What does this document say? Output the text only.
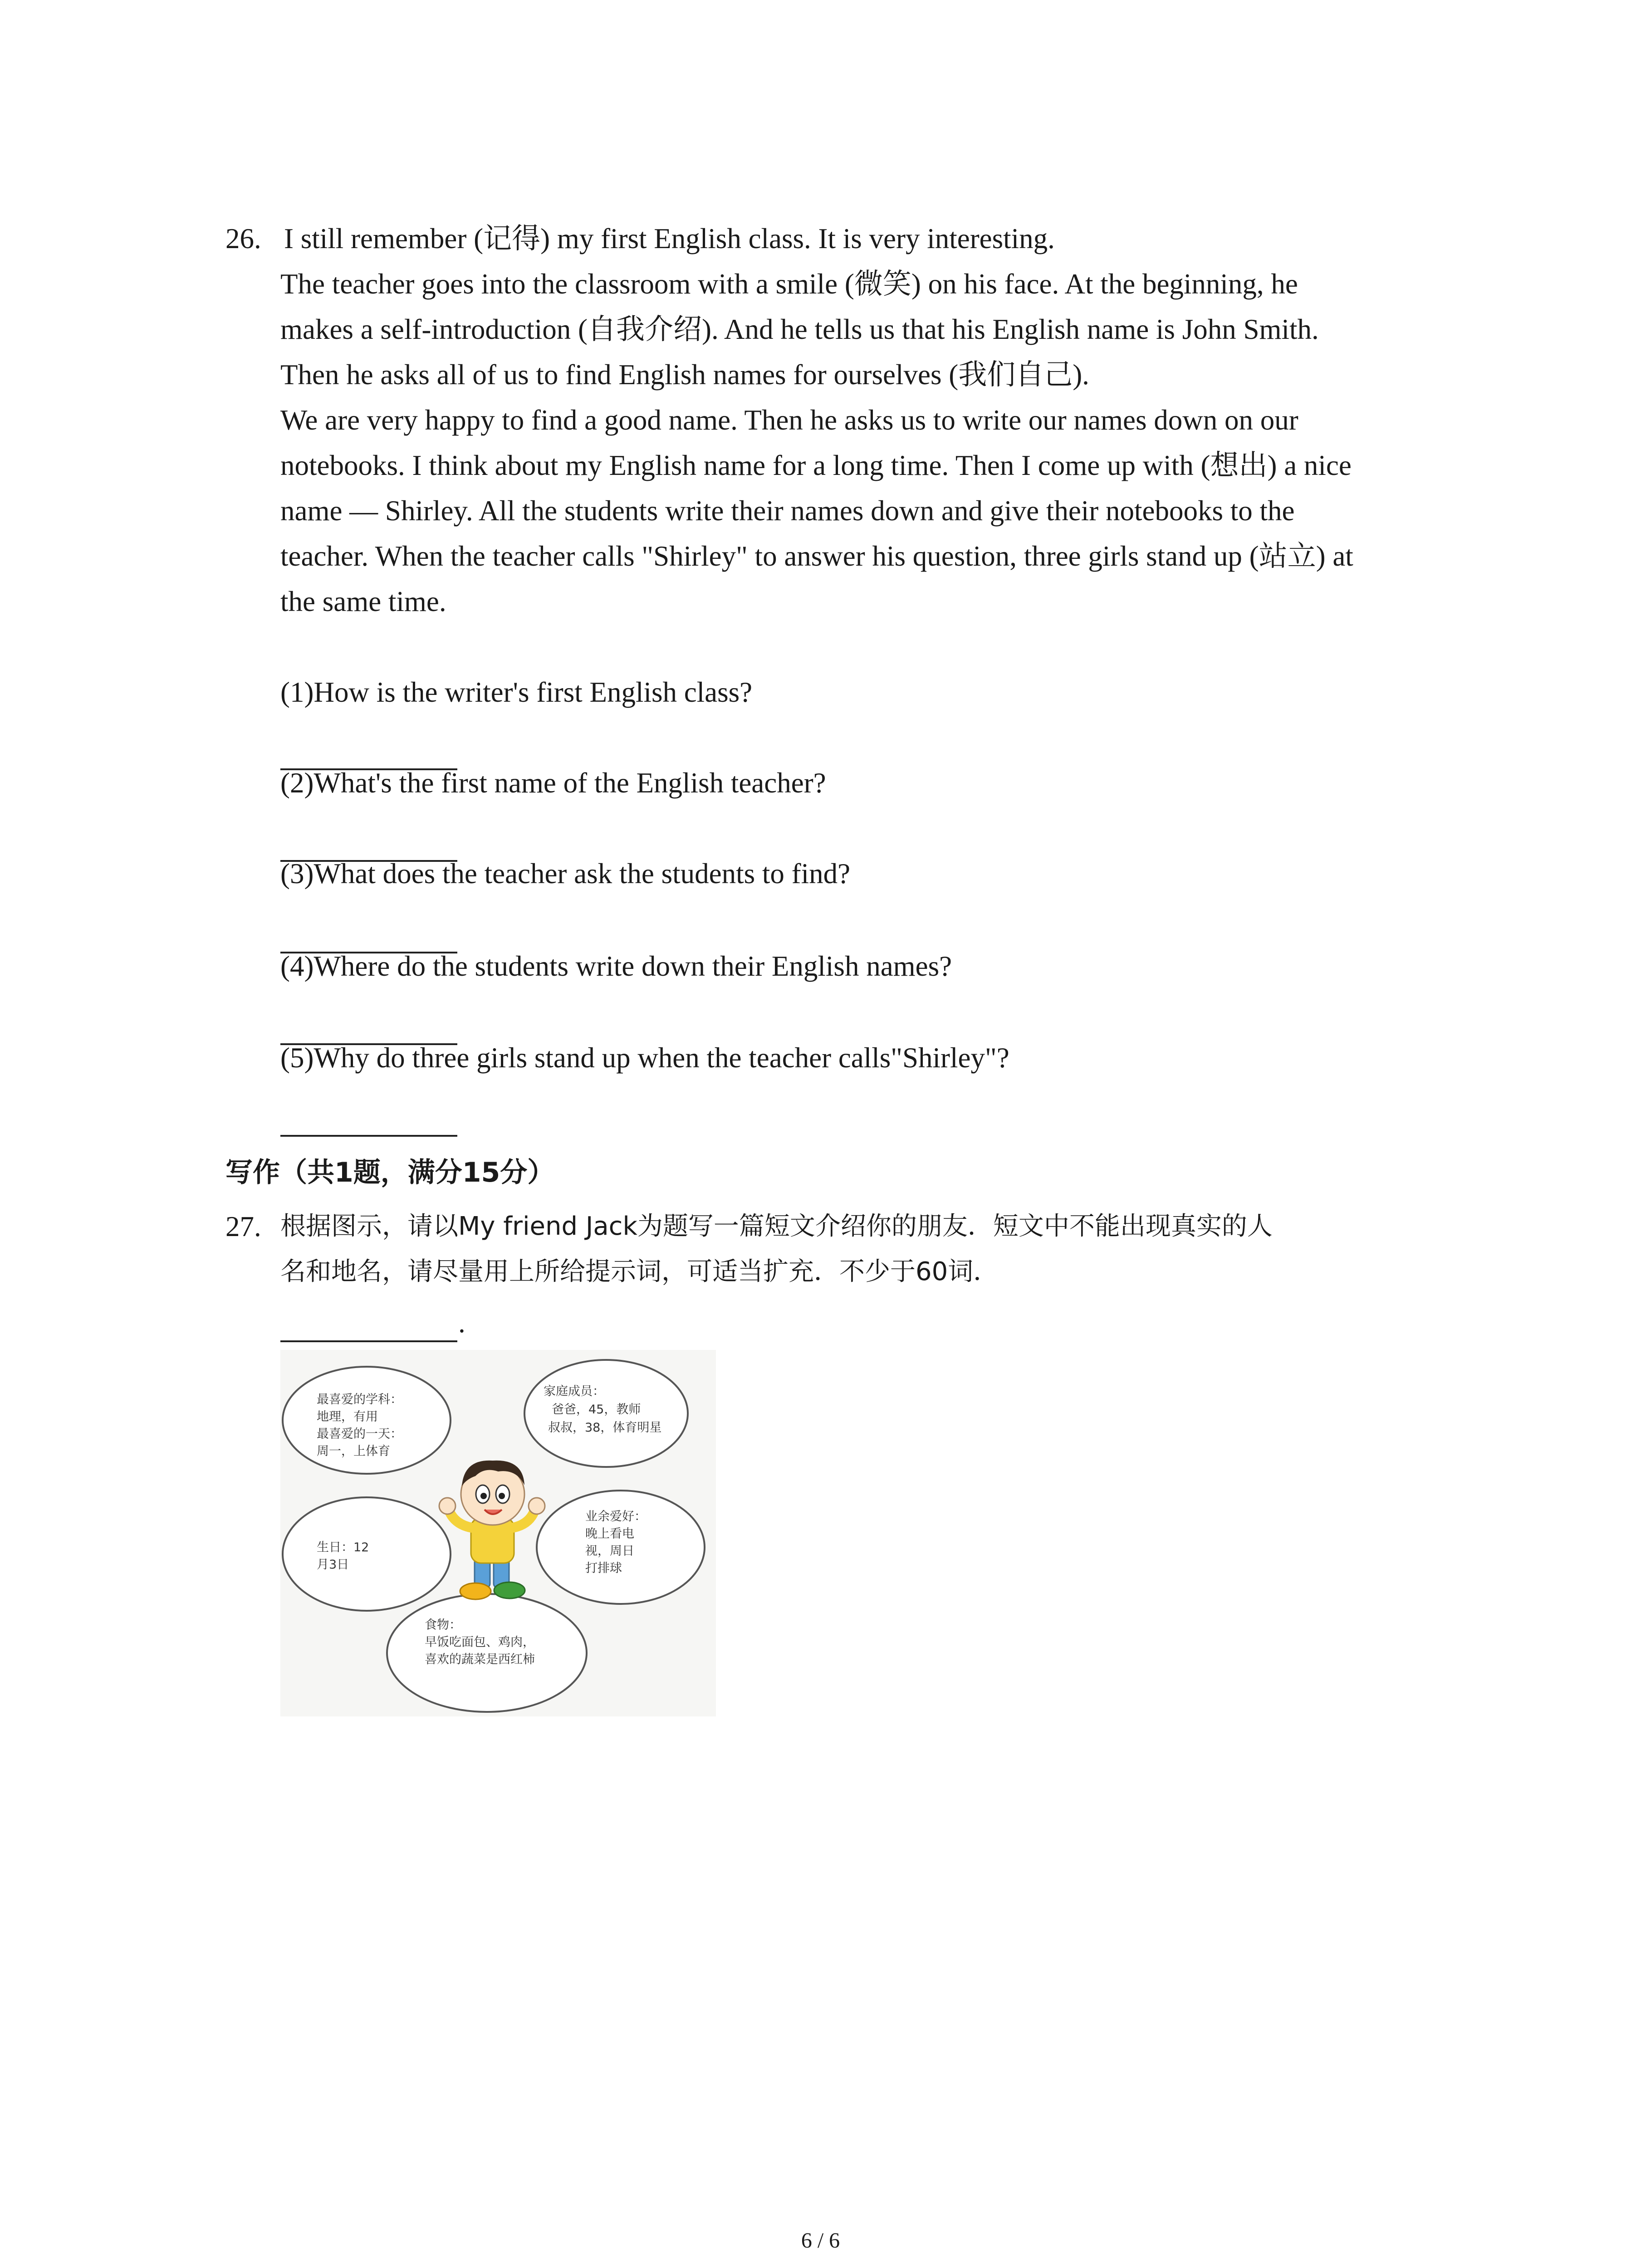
26. I still remember (记得) my first English class. It is very interesting.
The teacher goes into the classroom with a smile (微笑) on his face. At the beginning, he
makes a self-introduction (自我介绍). And he tells us that his English name is John Smith.
Then he asks all of us to find English names for ourselves (我们自己).
We are very happy to find a good name. Then he asks us to write our names down on our
notebooks. I think about my English name for a long time. Then I come up with (想出) a nice
name — Shirley. All the students write their names down and give their notebooks to the
teacher. When the teacher calls "Shirley" to answer his question, three girls stand up (站立) at
the same time.
(1)How is the writer's first English class?
(2)What's the first name of the English teacher?
(3)What does the teacher ask the students to find?
(4)Where do the students write down their English names?
(5)Why do three girls stand up when the teacher calls"Shirley"?
写作（共1题，满分15分）
27. 根据图示，请以My friend Jack为题写一篇短文介绍你的朋友．短文中不能出现真实的人
名和地名，请尽量用上所给提示词，可适当扩充．不少于60词．
.
最喜爱的学科：
地理，有用
最喜爱的一天：
周一，上体育
家庭成员：
爸爸，45，教师
叔叔，38，体育明星
生日：12
月3日
业余爱好：
晚上看电
视，周日
打排球
食物：
早饭吃面包、鸡肉，
喜欢的蔬菜是西红柿
6 / 6
